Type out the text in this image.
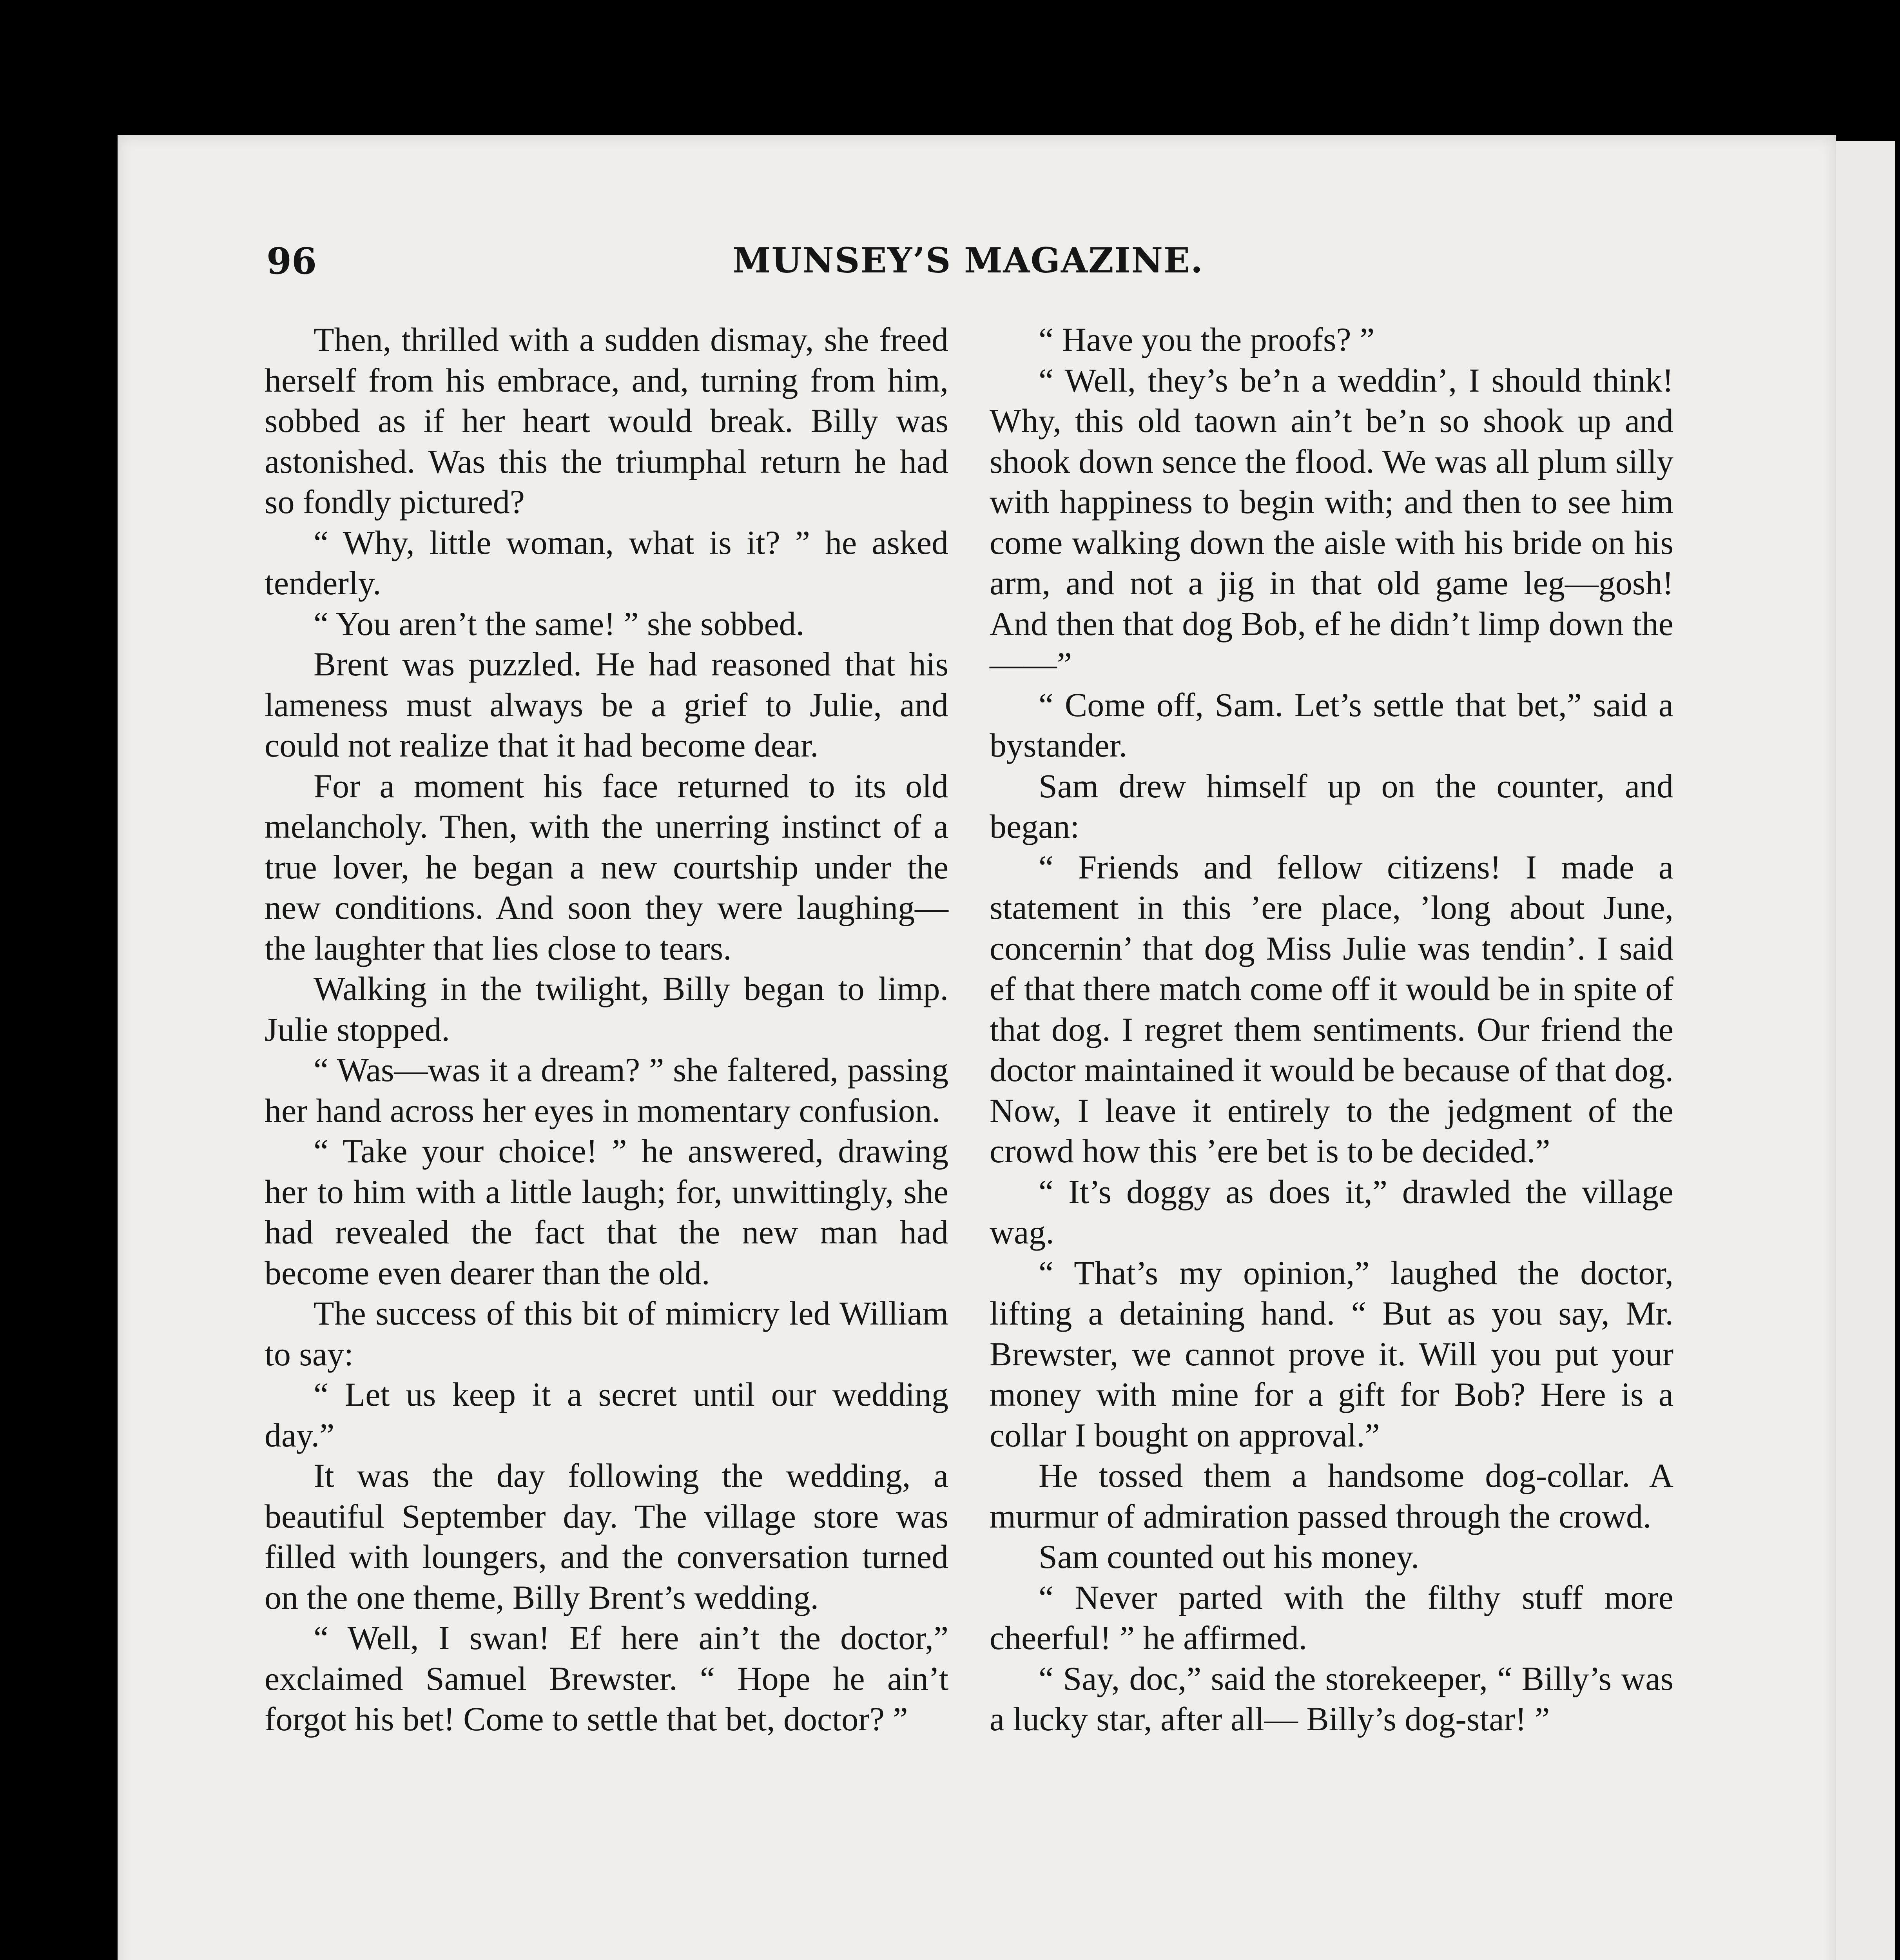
96	MUNSEY’S MAGAZINE.

Then, thrilled with a sudden dismay, she freed herself from his embrace, and, turning from him, sobbed as if her heart would break. Billy was astonished. Was this the triumphal return he had so fondly pictured?

“ Why, little woman, what is it? ” he asked tenderly.

“ You aren’t the same! ” she sobbed.

Brent was puzzled. He had reasoned that his lameness must always be a grief to Julie, and could not realize that it had become dear.

For a moment his face returned to its old melancholy. Then, with the unerring instinct of a true lover, he began a new courtship under the new conditions. And soon they were laughing— the laughter that lies close to tears.

Walking in the twilight, Billy began to limp. Julie stopped.

“ Was—was it a dream? ” she faltered, passing her hand across her eyes in momentary confusion.

“ Take your choice! ” he answered, drawing her to him with a little laugh; for, unwittingly, she had revealed the fact that the new man had become even dearer than the old.

The success of this bit of mimicry led William to say:

“ Let us keep it a secret until our wedding day.”

It was the day following the wedding, a beautiful September day. The village store was filled with loungers, and the conversation turned on the one theme, Billy Brent’s wedding.

“ Well, I swan! Ef here ain’t the doctor,” exclaimed Samuel Brewster. “ Hope he ain’t forgot his bet! Come to settle that bet, doctor? ”

“ Have you the proofs? ”

“ Well, they’s be’n a weddin’, I should think! Why, this old taown ain’t be’n so shook up and shook down sence the flood. We was all plum silly with happiness to begin with; and then to see him come walking down the aisle with his bride on his arm, and not a jig in that old game leg—gosh! And then that dog Bob, ef he didn’t limp down the——”

“ Come off, Sam. Let’s settle that bet,” said a bystander.

Sam drew himself up on the counter, and began:

“ Friends and fellow citizens! I made a statement in this ’ere place, ’long about June, concernin’ that dog Miss Julie was tendin’. I said ef that there match come off it would be in spite of that dog. I regret them sentiments. Our friend the doctor maintained it would be because of that dog. Now, I leave it entirely to the jedgment of the crowd how this ’ere bet is to be decided.”

“ It’s doggy as does it,” drawled the village wag.

“ That’s my opinion,” laughed the doctor, lifting a detaining hand. “ But as you say, Mr. Brewster, we cannot prove it. Will you put your money with mine for a gift for Bob? Here is a collar I bought on approval.”

He tossed them a handsome dog-collar. A murmur of admiration passed through the crowd.

Sam counted out his money.

“ Never parted with the filthy stuff more cheerful! ” he affirmed.

“ Say, doc,” said the storekeeper, “ Billy’s was a lucky star, after all— Billy’s dog-star! ”
